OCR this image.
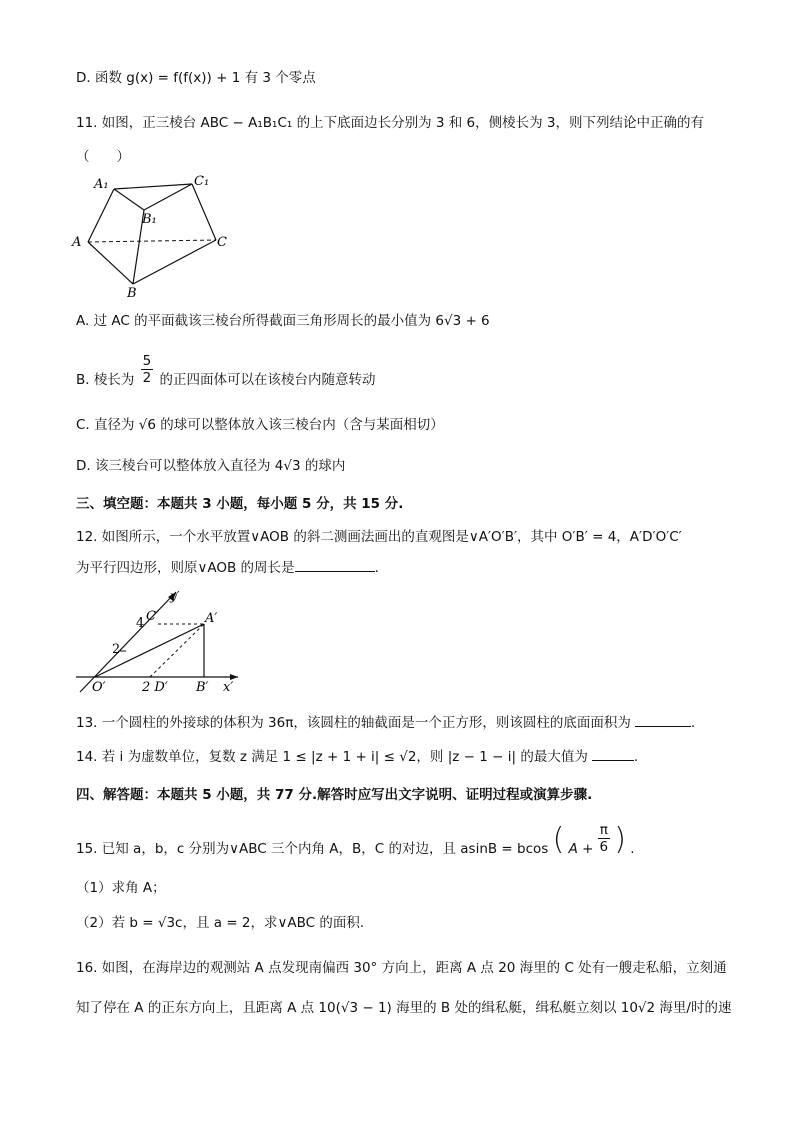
D. 函数 g(x) = f(f(x)) + 1 有 3 个零点
11. 如图，正三棱台 ABC − A₁B₁C₁ 的上下底面边长分别为 3 和 6，侧棱长为 3，则下列结论中正确的有
（　　）
A₁	C₁
B₁
A	C
B
A. 过 AC 的平面截该三棱台所得截面三角形周长的最小值为 6√3 + 6
B. 棱长为 $\frac{5}{2}$ 的正四面体可以在该棱台内随意转动
C. 直径为 √6 的球可以整体放入该三棱台内（含与某面相切）
D. 该三棱台可以整体放入直径为 4√3 的球内
三、填空题：本题共 3 小题，每小题 5 分，共 15 分.
12. 如图所示，一个水平放置∨AOB 的斜二测画法画出的直观图是∨A′O′B′，其中 O′B′ = 4，A′D′O′C′
为平行四边形，则原∨AOB 的周长是	.
y′
C′	A′
4
2
O′	2 D′ B′ x′
13. 一个圆柱的外接球的体积为 36π，该圆柱的轴截面是一个正方形，则该圆柱的底面面积为	.
14. 若 i 为虚数单位，复数 z 满足 1 ≤ |z + 1 + i| ≤ √2，则 |z − 1 − i| 的最大值为	.
四、解答题：本题共 5 小题，共 77 分.解答时应写出文字说明、证明过程或演算步骤.
15. 已知 a，b，c 分别为∨ABC 三个内角 A，B，C 的对边，且 asinB = bcos ( $A + \frac{\pi}{6}$ ) .
（1）求角 A；
（2）若 b = √3c，且 a = 2，求∨ABC 的面积.
16. 如图，在海岸边的观测站 A 点发现南偏西 30° 方向上，距离 A 点 20 海里的 C 处有一艘走私船，立刻通
知了停在 A 的正东方向上，且距离 A 点 10(√3 − 1) 海里的 B 处的缉私艇，缉私艇立刻以 10√2 海里/时的速
